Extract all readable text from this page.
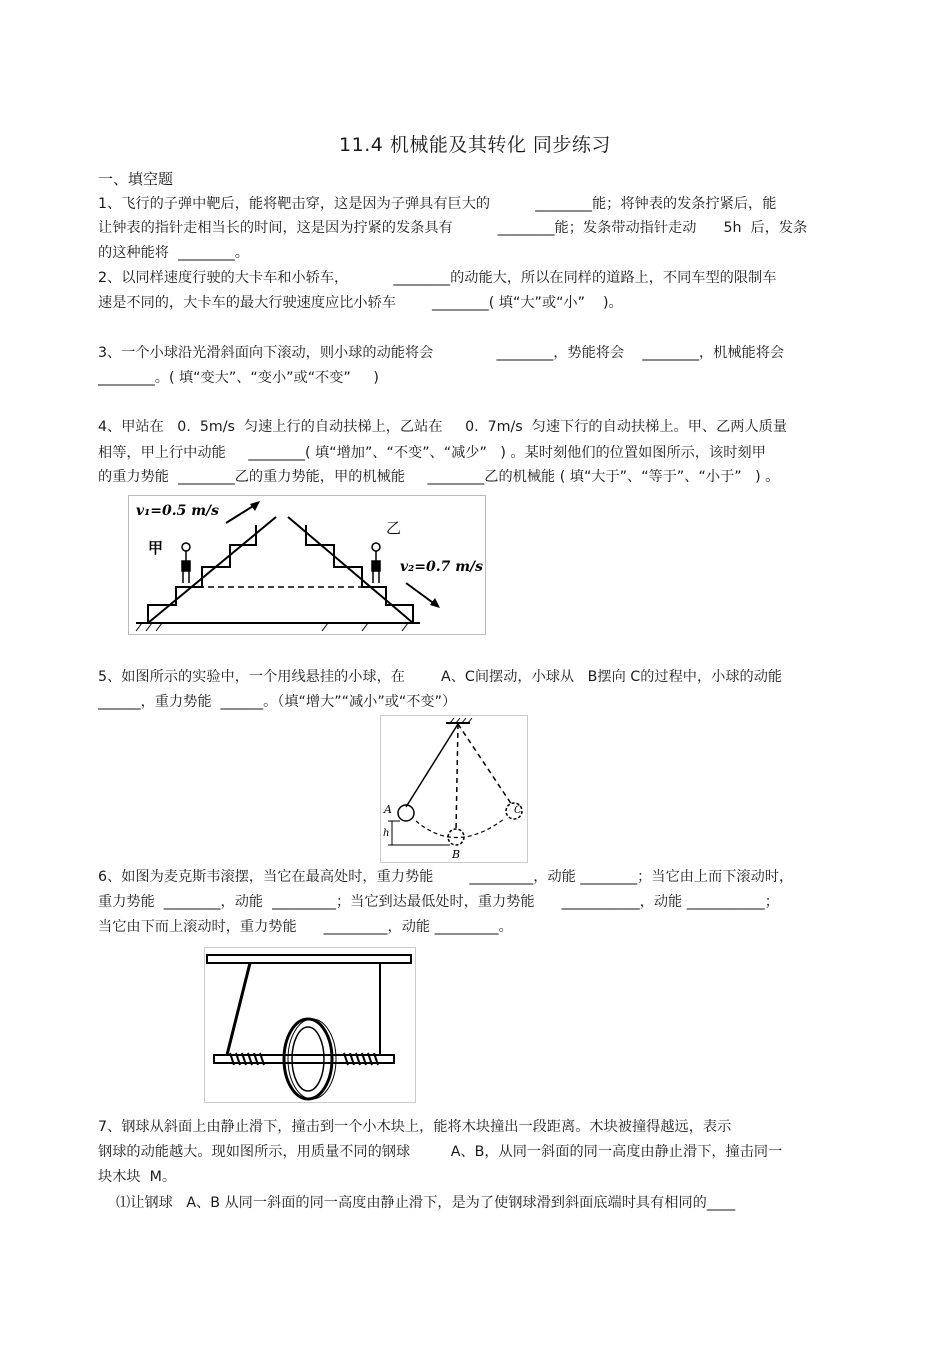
11.4 机械能及其转化 同步练习
一、填空题
1、飞行的子弹中靶后，能将靶击穿，这是因为子弹具有巨大的          ________能；将钟表的发条拧紧后，能
让钟表的指针走相当长的时间，这是因为拧紧的发条具有          ________能；发条带动指针走动      5h  后，发条
的这种能将  ________。
2、以同样速度行驶的大卡车和小轿车，          ________的动能大，所以在同样的道路上，不同车型的限制车
速是不同的，大卡车的最大行驶速度应比小轿车        ________( 填“大”或“小”    )。
3、一个小球沿光滑斜面向下滚动，则小球的动能将会              ________，势能将会    ________，机械能将会
________。( 填“变大”、“变小”或“不变”     )
4、甲站在   0.  5m/s  匀速上行的自动扶梯上，乙站在     0.  7m/s  匀速下行的自动扶梯上。甲、乙两人质量
相等，甲上行中动能     ________( 填“增加”、“不变”、“减少”   ) 。某时刻他们的位置如图所示，该时刻甲
的重力势能  ________乙的重力势能，甲的机械能     ________乙的机械能 ( 填“大于”、“等于”、“小于”   ) 。
v₁=0.5 m/s
v₂=0.7 m/s
甲
乙
5、如图所示的实验中，一个用线悬挂的小球，在        A、C间摆动，小球从   B摆向 C的过程中，小球的动能
______，重力势能  ______。（填“增大”“减小”或“不变”）
h
A
B
C
6、如图为麦克斯韦滚摆，当它在最高处时，重力势能        _________，动能 ________；当它由上而下滚动时，
重力势能  ________，动能  _________；当它到达最低处时，重力势能      ___________，动能 ___________；
当它由下而上滚动时，重力势能      _________，动能 _________。
7、钢球从斜面上由静止滑下，撞击到一个小木块上，能将木块撞出一段距离。木块被撞得越远，表示
钢球的动能越大。现如图所示，用质量不同的钢球         A、B，从同一斜面的同一高度由静止滑下，撞击同一
块木块  M。
⑴让钢球   A、B 从同一斜面的同一高度由静止滑下，是为了使钢球滑到斜面底端时具有相同的____
